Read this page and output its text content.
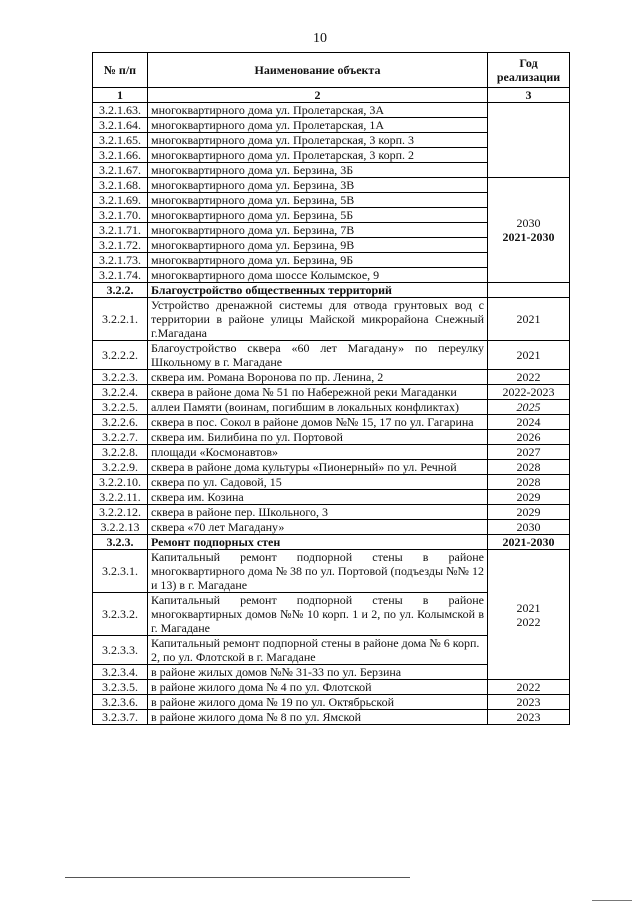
10
№ п/п	Наименование объекта	Год реализации
1	2	3
3.2.1.63.	многоквартирного дома ул. Пролетарская, 3А	
3.2.1.64.	многоквартирного дома ул. Пролетарская, 1А	
3.2.1.65.	многоквартирного дома ул. Пролетарская, 3 корп. 3	
3.2.1.66.	многоквартирного дома ул. Пролетарская, 3 корп. 2	
3.2.1.67.	многоквартирного дома ул. Берзина, 3Б	
3.2.1.68.	многоквартирного дома ул. Берзина, 3В	2030
2021-2030

3.2.1.69.	многоквартирного дома ул. Берзина, 5В	
3.2.1.70.	многоквартирного дома ул. Берзина, 5Б	
3.2.1.71.	многоквартирного дома ул. Берзина, 7В	
3.2.1.72.	многоквартирного дома ул. Берзина, 9В	
3.2.1.73.	многоквартирного дома ул. Берзина, 9Б	
3.2.1.74.	многоквартирного дома шоссе Колымское, 9	
3.2.2.	Благоустройство общественных территорий	
3.2.2.1.	Устройство дренажной системы для отвода грунтовых вод с территории в районе улицы Майской микрорайона Снежный г.Магадана	2021
3.2.2.2.	Благоустройство сквера «60 лет Магадану» по переулку Школьному в г. Магадане	2021
3.2.2.3.	сквера им. Романа Воронова по пр. Ленина, 2	2022
3.2.2.4.	сквера в районе дома № 51 по Набережной реки Магаданки	2022-2023
3.2.2.5.	аллеи Памяти (воинам, погибшим в локальных конфликтах)	2025
3.2.2.6.	сквера в пос. Сокол в районе домов №№ 15, 17 по ул. Гагарина	2024
3.2.2.7.	сквера им. Билибина по ул. Портовой	2026
3.2.2.8.	площади «Космонавтов»	2027
3.2.2.9.	сквера в районе дома культуры «Пионерный» по ул. Речной	2028
3.2.2.10.	сквера по ул. Садовой, 15	2028
3.2.2.11.	сквера им. Козина	2029
3.2.2.12.	сквера в районе пер. Школьного, 3	2029
3.2.2.13	сквера «70 лет Магадану»	2030
3.2.3.	Ремонт подпорных стен	2021-2030
3.2.3.1.	Капитальный ремонт подпорной стены в районе многоквартирного дома № 38 по ул. Портовой (подъезды №№ 12 и 13) в г. Магадане	2021
2022

3.2.3.2.	Капитальный ремонт подпорной стены в районе многоквартирных домов №№ 10 корп. 1 и 2, по ул. Колымской в г. Магадане	
3.2.3.3.	Капитальный ремонт подпорной стены в районе дома № 6 корп. 2, по ул. Флотской в г. Магадане	
3.2.3.4.	в районе жилых домов №№ 31-33 по ул. Берзина	
3.2.3.5.	в районе жилого дома № 4 по ул. Флотской	2022
3.2.3.6.	в районе жилого дома № 19 по ул. Октябрьской	2023
3.2.3.7.	в районе жилого дома № 8 по ул. Ямской	2023
